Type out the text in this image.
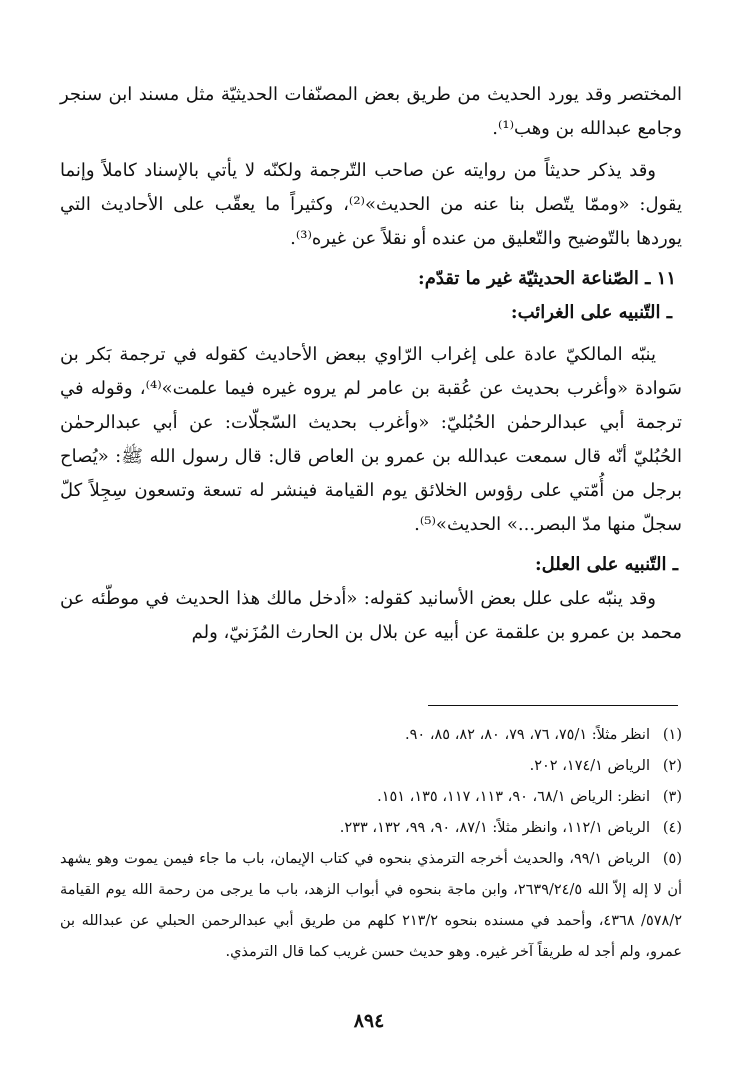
المختصر وقد يورد الحديث من طريق بعض المصنّفات الحديثيّة مثل مسند ابن سنجر وجامع عبدالله بن وهب⁽¹⁾.

وقد يذكر حديثاً من روايته عن صاحب التّرجمة ولكنّه لا يأتي بالإسناد كاملاً وإنما يقول: «وممّا يتّصل بنا عنه من الحديث»⁽²⁾، وكثيراً ما يعقّب على الأحاديث التي يوردها بالتّوضيح والتّعليق من عنده أو نقلاً عن غيره⁽³⁾.

١١ ـ الصّناعة الحديثيّة غير ما تقدّم:

ـ التّنبيه على الغرائب:

ينبّه المالكيّ عادة على إغراب الرّاوي ببعض الأحاديث كقوله في ترجمة بَكر بن سَوادة «وأغرب بحديث عن عُقبة بن عامر لم يروه غيره فيما علمت»⁽⁴⁾، وقوله في ترجمة أبي عبدالرحمٰن الحُبُليّ: «وأغرب بحديث السّجلّات: عن أبي عبدالرحمٰن الحُبُليّ أنّه قال سمعت عبدالله بن عمرو بن العاص قال: قال رسول الله ﷺ: «يُصاح برجل من أُمّتي على رؤوس الخلائق يوم القيامة فينشر له تسعة وتسعون سِجِلاً كلّ سجلّ منها مدّ البصر...» الحديث»⁽⁵⁾.

ـ التّنبيه على العلل:

وقد ينبّه على علل بعض الأسانيد كقوله: «أدخل مالك هذا الحديث في موطّئه عن محمد بن عمرو بن علقمة عن أبيه عن بلال بن الحارث المُزَنيّ، ولم

(١)انظر مثلاً: ٧٥/١، ٧٦، ٧٩، ٨٠، ٨٢، ٨٥، ٩٠.

(٢)الرياض ١٧٤/١، ٢٠٢.

(٣)انظر: الرياض ٦٨/١، ٩٠، ١١٣، ١١٧، ١٣٥، ١٥١.

(٤)الرياض ١١٢/١، وانظر مثلاً: ٨٧/١، ٩٠، ٩٩، ١٣٢، ٢٣٣.

(٥)الرياض ٩٩/١، والحديث أخرجه الترمذي بنحوه في كتاب الإيمان، باب ما جاء فيمن يموت وهو يشهد أن لا إله إلاّ الله ٢٦٣٩/٢٤/٥، وابن ماجة بنحوه في أبواب الزهد، باب ما يرجى من رحمة الله يوم القيامة ٥٧٨/٢/ ٤٣٦٨، وأحمد في مسنده بنحوه ٢١٣/٢ كلهم من طريق أبي عبدالرحمن الحبلي عن عبدالله بن عمرو، ولم أجد له طريقاً آخر غيره. وهو حديث حسن غريب كما قال الترمذي.

٨٩٤
